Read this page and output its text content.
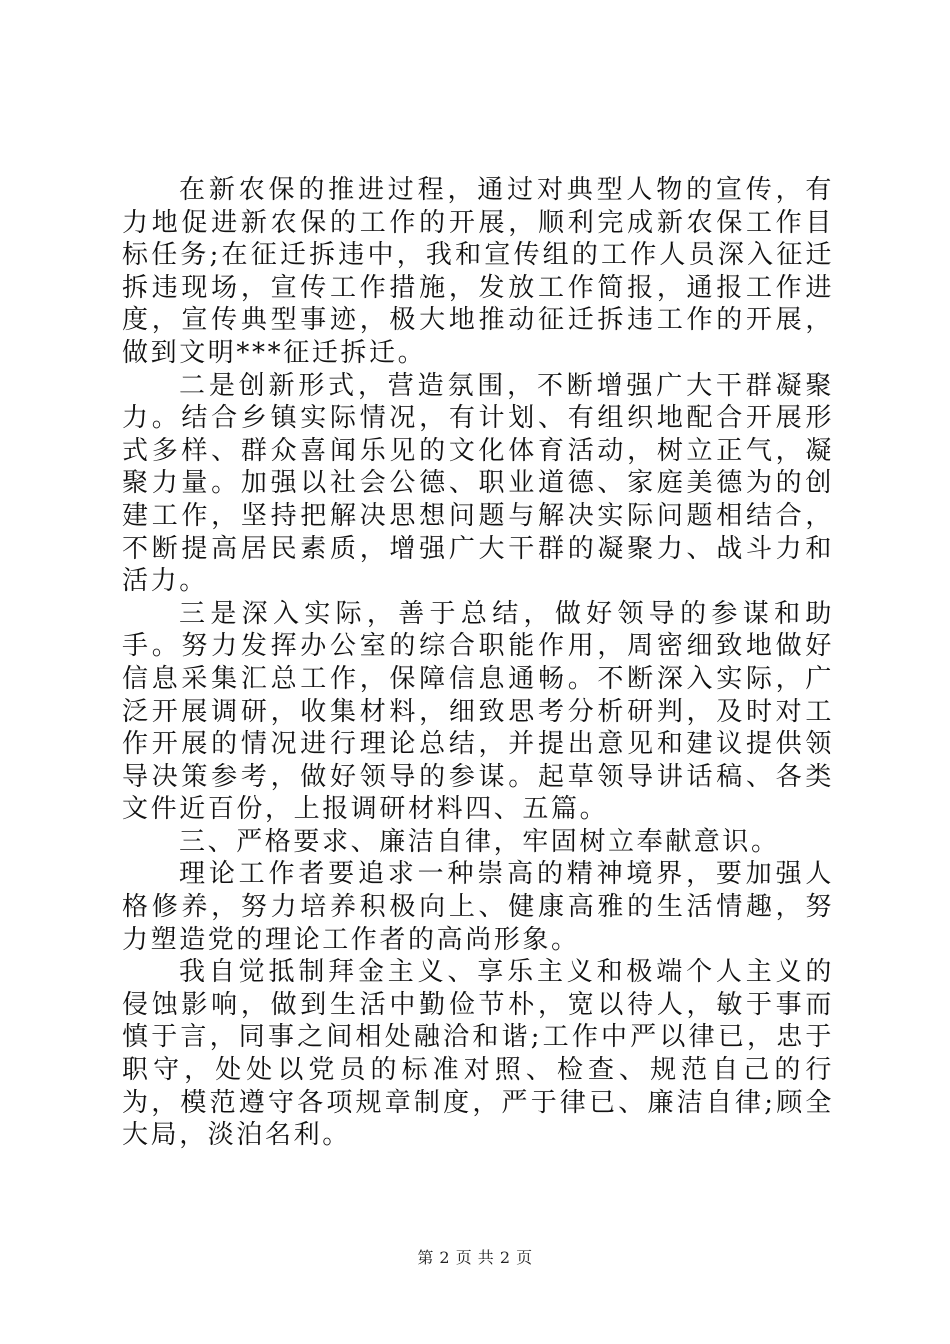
在新农保的推进过程，通过对典型人物的宣传，有力地促进新农保的工作的开展，顺利完成新农保工作目标任务;在征迁拆违中，我和宣传组的工作人员深入征迁拆违现场，宣传工作措施，发放工作简报，通报工作进度，宣传典型事迹，极大地推动征迁拆违工作的开展，做到文明***征迁拆迁。

二是创新形式，营造氛围，不断增强广大干群凝聚力。结合乡镇实际情况，有计划、有组织地配合开展形式多样、群众喜闻乐见的文化体育活动，树立正气，凝聚力量。加强以社会公德、职业道德、家庭美德为的创建工作，坚持把解决思想问题与解决实际问题相结合，不断提高居民素质，增强广大干群的凝聚力、战斗力和活力。

三是深入实际，善于总结，做好领导的参谋和助手。努力发挥办公室的综合职能作用，周密细致地做好信息采集汇总工作，保障信息通畅。不断深入实际，广泛开展调研，收集材料，细致思考分析研判，及时对工作开展的情况进行理论总结，并提出意见和建议提供领导决策参考，做好领导的参谋。起草领导讲话稿、各类文件近百份，上报调研材料四、五篇。

三、严格要求、廉洁自律，牢固树立奉献意识。

理论工作者要追求一种崇高的精神境界，要加强人格修养，努力培养积极向上、健康高雅的生活情趣，努力塑造党的理论工作者的高尚形象。

我自觉抵制拜金主义、享乐主义和极端个人主义的侵蚀影响，做到生活中勤俭节朴，宽以待人，敏于事而慎于言，同事之间相处融洽和谐;工作中严以律已，忠于职守，处处以党员的标准对照、检查、规范自己的行为，模范遵守各项规章制度，严于律已、廉洁自律;顾全大局，淡泊名利。

第 2 页 共 2 页
